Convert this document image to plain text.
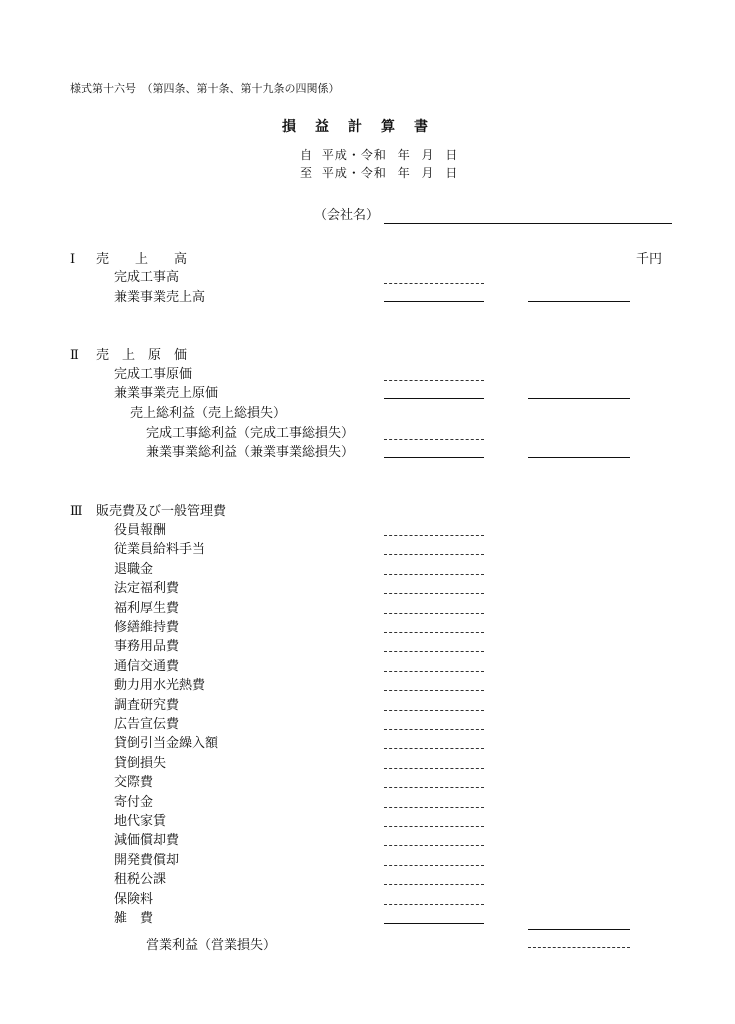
様式第十六号　（第四条、第十条、第十九条の四関係）
損益計算書
自 平成・令和 年 月 日
至 平成・令和 年 月 日
（会社名）
千円
Ⅰ 売　　上　　高
完成工事高
兼業事業売上高
Ⅱ 売　上　原　価
完成工事原価
兼業事業売上原価
売上総利益（売上総損失）
完成工事総利益（完成工事総損失）
兼業事業総利益（兼業事業総損失）
Ⅲ 販売費及び一般管理費
役員報酬
従業員給料手当
退職金
法定福利費
福利厚生費
修繕維持費
事務用品費
通信交通費
動力用水光熱費
調査研究費
広告宣伝費
貸倒引当金繰入額
貸倒損失
交際費
寄付金
地代家賃
減価償却費
開発費償却
租税公課
保険料
雑　費
営業利益（営業損失）
